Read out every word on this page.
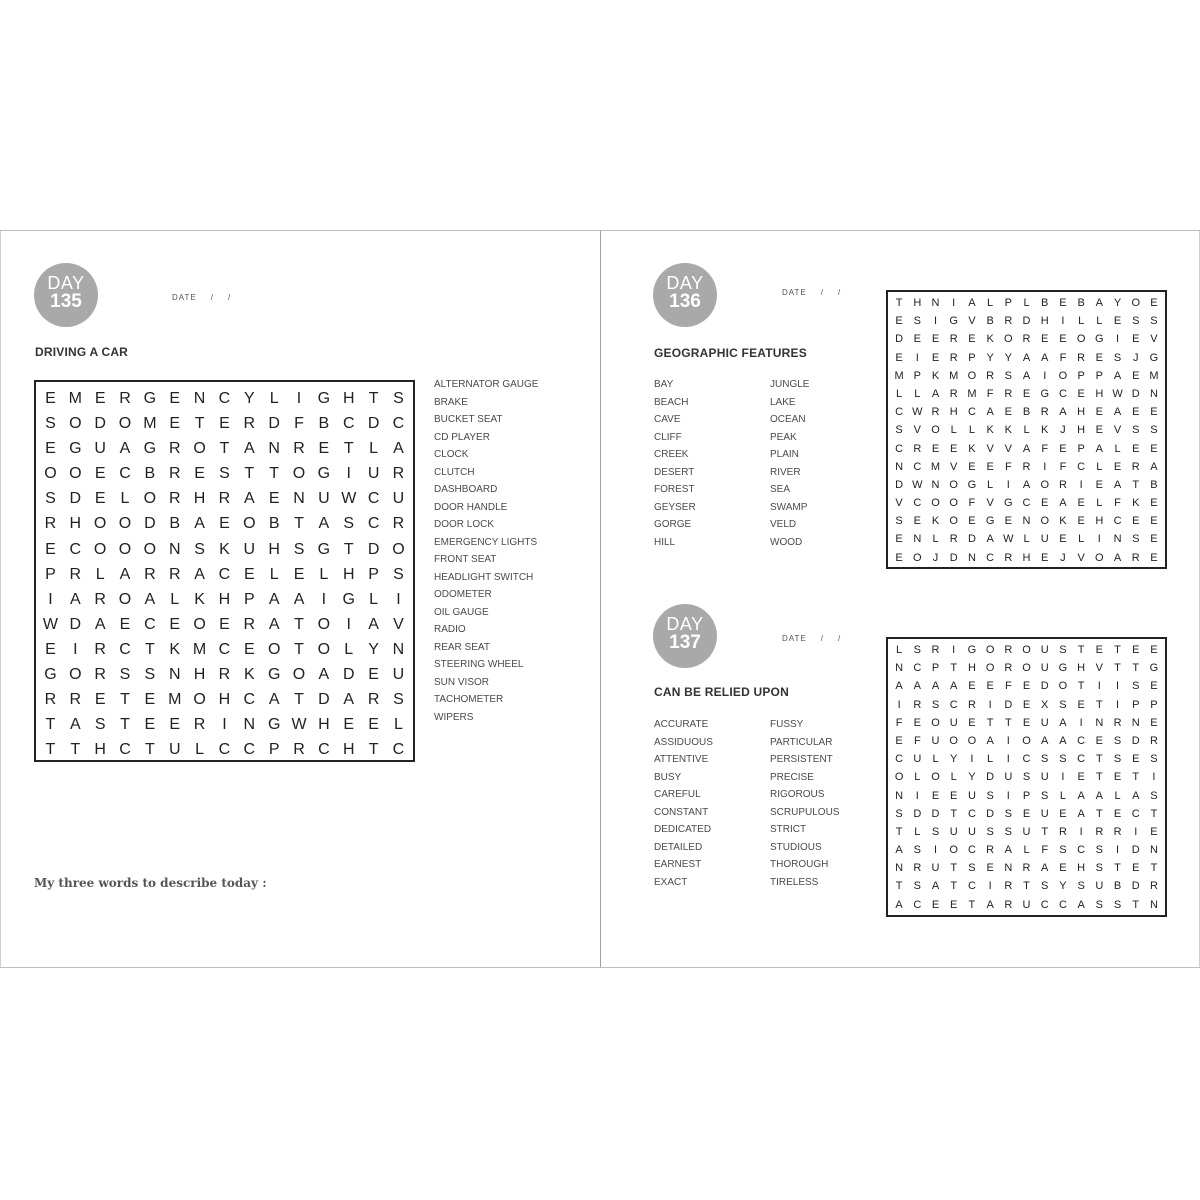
DAY
135	DATE / /
DRIVING A CAR
E M E R G E N C Y L	I	G H T S
S O D O M E T E R D F B C D C
E G U A G R O T A N R E T L A
O O E C B R E S T T O G	I	U R
S D E L O R H R A E N U W C U
R H O O D B A E O B T A S C R
E C O O O N S K U H S G T D O
P R L A R R A C E L E L H P S
I	A R O A L K H P A A	I	G L	I
W D A E C E O E R A T O	I	A V
E	I	R C T K M C E O T O L Y N
G O R S S N H R K G O A D E U
R R E T E M O H C A T D A R S
T A S T E E R	I	N G W H E E L
T T H C T U L C C P R C H T C
ALTERNATOR GAUGE
BRAKE
BUCKET SEAT
CD PLAYER
CLOCK
CLUTCH
DASHBOARD
DOOR HANDLE
DOOR LOCK
EMERGENCY LIGHTS
FRONT SEAT
HEADLIGHT SWITCH
ODOMETER
OIL GAUGE
RADIO
REAR SEAT
STEERING WHEEL
SUN VISOR
TACHOMETER
WIPERS
My three words to describe today :
DAY
136	DATE / /
GEOGRAPHIC FEATURES
BAY
BEACH
CAVE
CLIFF
CREEK
DESERT
FOREST
GEYSER
GORGE
HILL
JUNGLE
LAKE
OCEAN
PEAK
PLAIN
RIVER
SEA
SWAMP
VELD
WOOD
T H N	I	A	L	P	L	B E B A Y O E
E S	I	G V B R D H	I	L	L	E S S
D E E R E K O R E E O G	I	E V
E	I	E R P Y Y A A	F R E S	J	G
M P K M O R S A	I	O P P A E M
L	L	A R M F R E G C E H W D N
C W R H C A E B R A H E A E E
S V O L	L	K K	L	K	J	H E V S S
C R E E K V V A	F	E P A	L	E E
N C M V E E	F R	I	F C	L	E R A
D W N O G L	I	A O R	I	E A	T	B
V C O O F	V G C E A E	L	F	K E
S E K O E G E N O K E H C E E
E N	L	R D A W L	U E	L	I	N S E
E O	J	D N C R H E	J	V O A R E
DAY
137	DATE / /
CAN BE RELIED UPON
ACCURATE
ASSIDUOUS
ATTENTIVE
BUSY
CAREFUL
CONSTANT
DEDICATED
DETAILED
EARNEST
EXACT
FUSSY
PARTICULAR
PERSISTENT
PRECISE
RIGOROUS
SCRUPULOUS
STRICT
STUDIOUS
THOROUGH
TIRELESS
L	S R	I	G O R O U S	T	E	T	E E
N C P	T H O R O U G H V	T	T G
A A A A E E	F	E D O T	I	I	S E
I	R S C R	I	D E X S E	T	I	P P
F	E O U E	T	T	E U A	I	N R N E
E	F U O O A	I	O A A C E S D R
C U	L	Y	I	L	I	C S S C T	S E S
O L O L	Y D U S U	I	E	T	E	T	I
N	I	E E U S	I	P S	L	A A	L	A S
S D D T C D S E U E A	T	E C T
T	L	S U U S S U T R	I	R R	I	E
A S	I	O C R A	L	F	S C S	I	D N
N R U T	S E N R A E H S	T	E	T
T	S A	T C	I	R T	S Y S U B D R
A C E E	T	A R U C C A S S	T N
